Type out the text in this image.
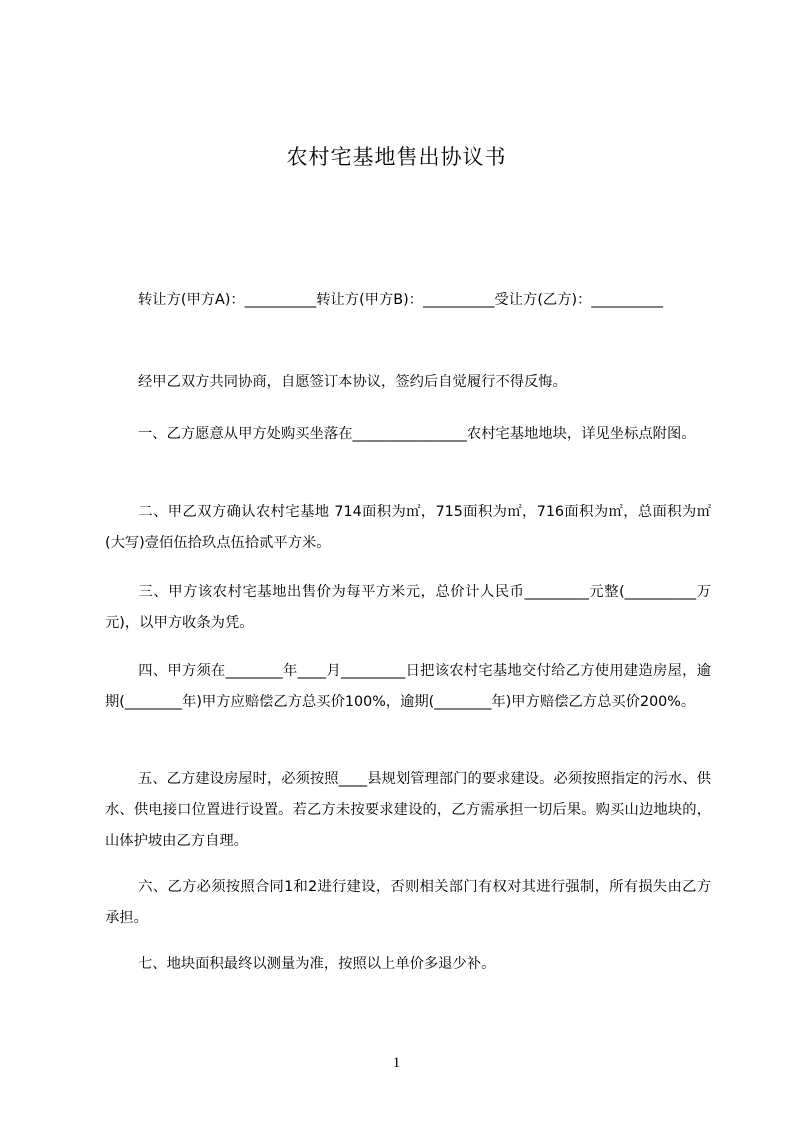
农村宅基地售出协议书

转让方(甲方A)：__________转让方(甲方B)：__________受让方(乙方)：__________

经甲乙双方共同协商，自愿签订本协议，签约后自觉履行不得反悔。

一、乙方愿意从甲方处购买坐落在________________农村宅基地地块，详见坐标点附图。

二、甲乙双方确认农村宅基地 714面积为㎡，715面积为㎡，716面积为㎡，总面积为㎡(大写)壹佰伍拾玖点伍拾贰平方米。

三、甲方该农村宅基地出售价为每平方米元，总价计人民币_________元整(__________万元)，以甲方收条为凭。

四、甲方须在________年____月_________日把该农村宅基地交付给乙方使用建造房屋，逾期(________年)甲方应赔偿乙方总买价100%，逾期(________年)甲方赔偿乙方总买价200%。

五、乙方建设房屋时，必须按照____县规划管理部门的要求建设。必须按照指定的污水、供水、供电接口位置进行设置。若乙方未按要求建设的，乙方需承担一切后果。购买山边地块的，山体护坡由乙方自理。

六、乙方必须按照合同1和2进行建设，否则相关部门有权对其进行强制，所有损失由乙方承担。

七、地块面积最终以测量为准，按照以上单价多退少补。

1
